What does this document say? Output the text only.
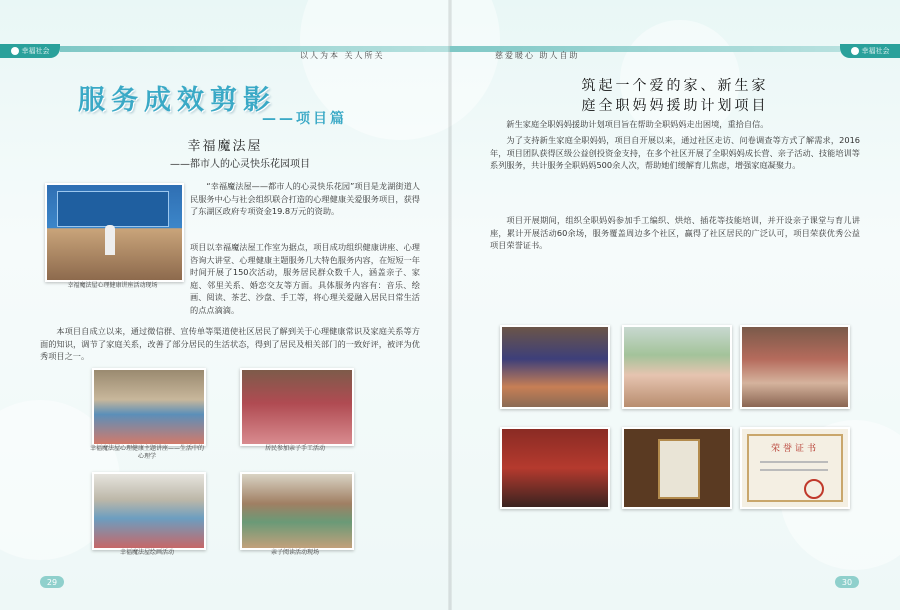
幸福社会	以人为本 关人所关
服务成效剪影
——项目篇
幸福魔法屋
——都市人的心灵快乐花园项目
幸福魔法屋心理健康讲座活动现场

“幸福魔法屋——都市人的心灵快乐花园”项目是龙湖街道人民服务中心与社会组织联合打造的心理健康关爱服务项目，获得了东湖区政府专项资金19.8万元的资助。

项目以幸福魔法屋工作室为据点，项目成功组织健康讲座、心理咨询大讲堂、心理健康主题服务几大特色服务内容，在短短一年时间开展了150次活动，服务居民群众数千人，涵盖亲子、家庭、邻里关系、婚恋交友等方面。具体服务内容有：音乐、绘画、阅读、茶艺、沙盘、手工等，将心理关爱融入居民日常生活的点点滴滴。

本项目自成立以来，通过微信群、宣传单等渠道使社区居民了解到关于心理健康常识及家庭关系等方面的知识，调节了家庭关系，改善了部分居民的生活状态，得到了居民及相关部门的一致好评，被评为优秀项目之一。

幸福魔法屋心理健康主题讲座——生活中的心理学
居民参加亲子手工活动
幸福魔法屋绘画活动	亲子阅读活动现场
29
幸福社会
慈爱暖心 助人自助
筑起一个爱的家、新生家
庭全职妈妈援助计划项目

新生家庭全职妈妈援助计划项目旨在帮助全职妈妈走出困境，重拾自信。

为了支持新生家庭全职妈妈，项目自开展以来，通过社区走访、问卷调查等方式了解需求，2016年，项目团队获得区级公益创投资金支持，在多个社区开展了全职妈妈成长营、亲子活动、技能培训等系列服务，共计服务全职妈妈500余人次，帮助她们缓解育儿焦虑，增强家庭凝聚力。

项目开展期间，组织全职妈妈参加手工编织、烘焙、插花等技能培训，并开设亲子课堂与育儿讲座，累计开展活动60余场，服务覆盖周边多个社区，赢得了社区居民的广泛认可，项目荣获优秀公益项目荣誉证书。

荣誉证书
30
